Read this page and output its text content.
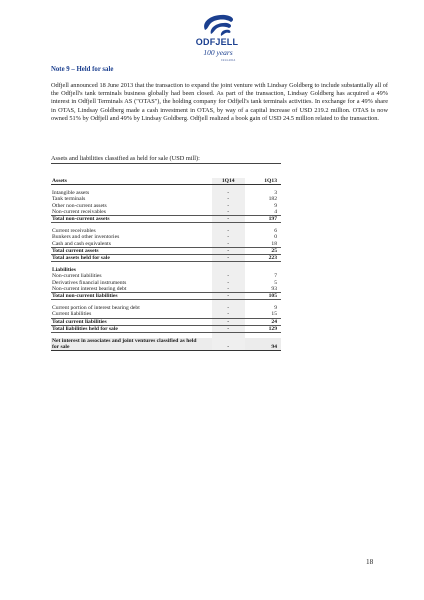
ODFJELL
100 years
1914-2014
Note 9 – Held for sale

Odfjell announced 18 June 2013 that the transaction to expand the joint venture with Lindsay Goldberg to include substantially all of the Odfjell's tank terminals business globally had been closed. As part of the transaction, Lindsay Goldberg has acquired a 49% interest in Odfjell Terminals AS ("OTAS"), the holding company for Odfjell's tank terminals activities. In exchange for a 49% share in OTAS, Lindsay Goldberg made a cash investment in OTAS, by way of a capital increase of USD 219.2 million. OTAS is now owned 51% by Odfjell and 49% by Lindsay Goldberg. Odfjell realized a book gain of USD 24.5 million related to the transaction.

Assets and liabilities classified as held for sale (USD mill):
Assets	1Q14	1Q13

Intangible assets	-	3
Tank terminals	-	182
Other non-current assets	-	9
Non-current receivables	-	4
Total non-current assets	-	197

Current receivables	-	6
Bunkers and other inventories	-	0
Cash and cash equivalents	-	18
Total current assets	-	25
Total assets held for sale	-	223

Liabilities		
Non-current liabilities	-	7
Derivatives financial instruments	-	5
Non-current interest bearing debt	-	93
Total non-current liabilities	-	105

Current portion of interest bearing debt	-	9
Current liabilities	-	15
Total current liabilities	-	24
Total liabilities held for sale	-	129

Net interest in associates and joint ventures classified as held		
for sale	-	94
18
